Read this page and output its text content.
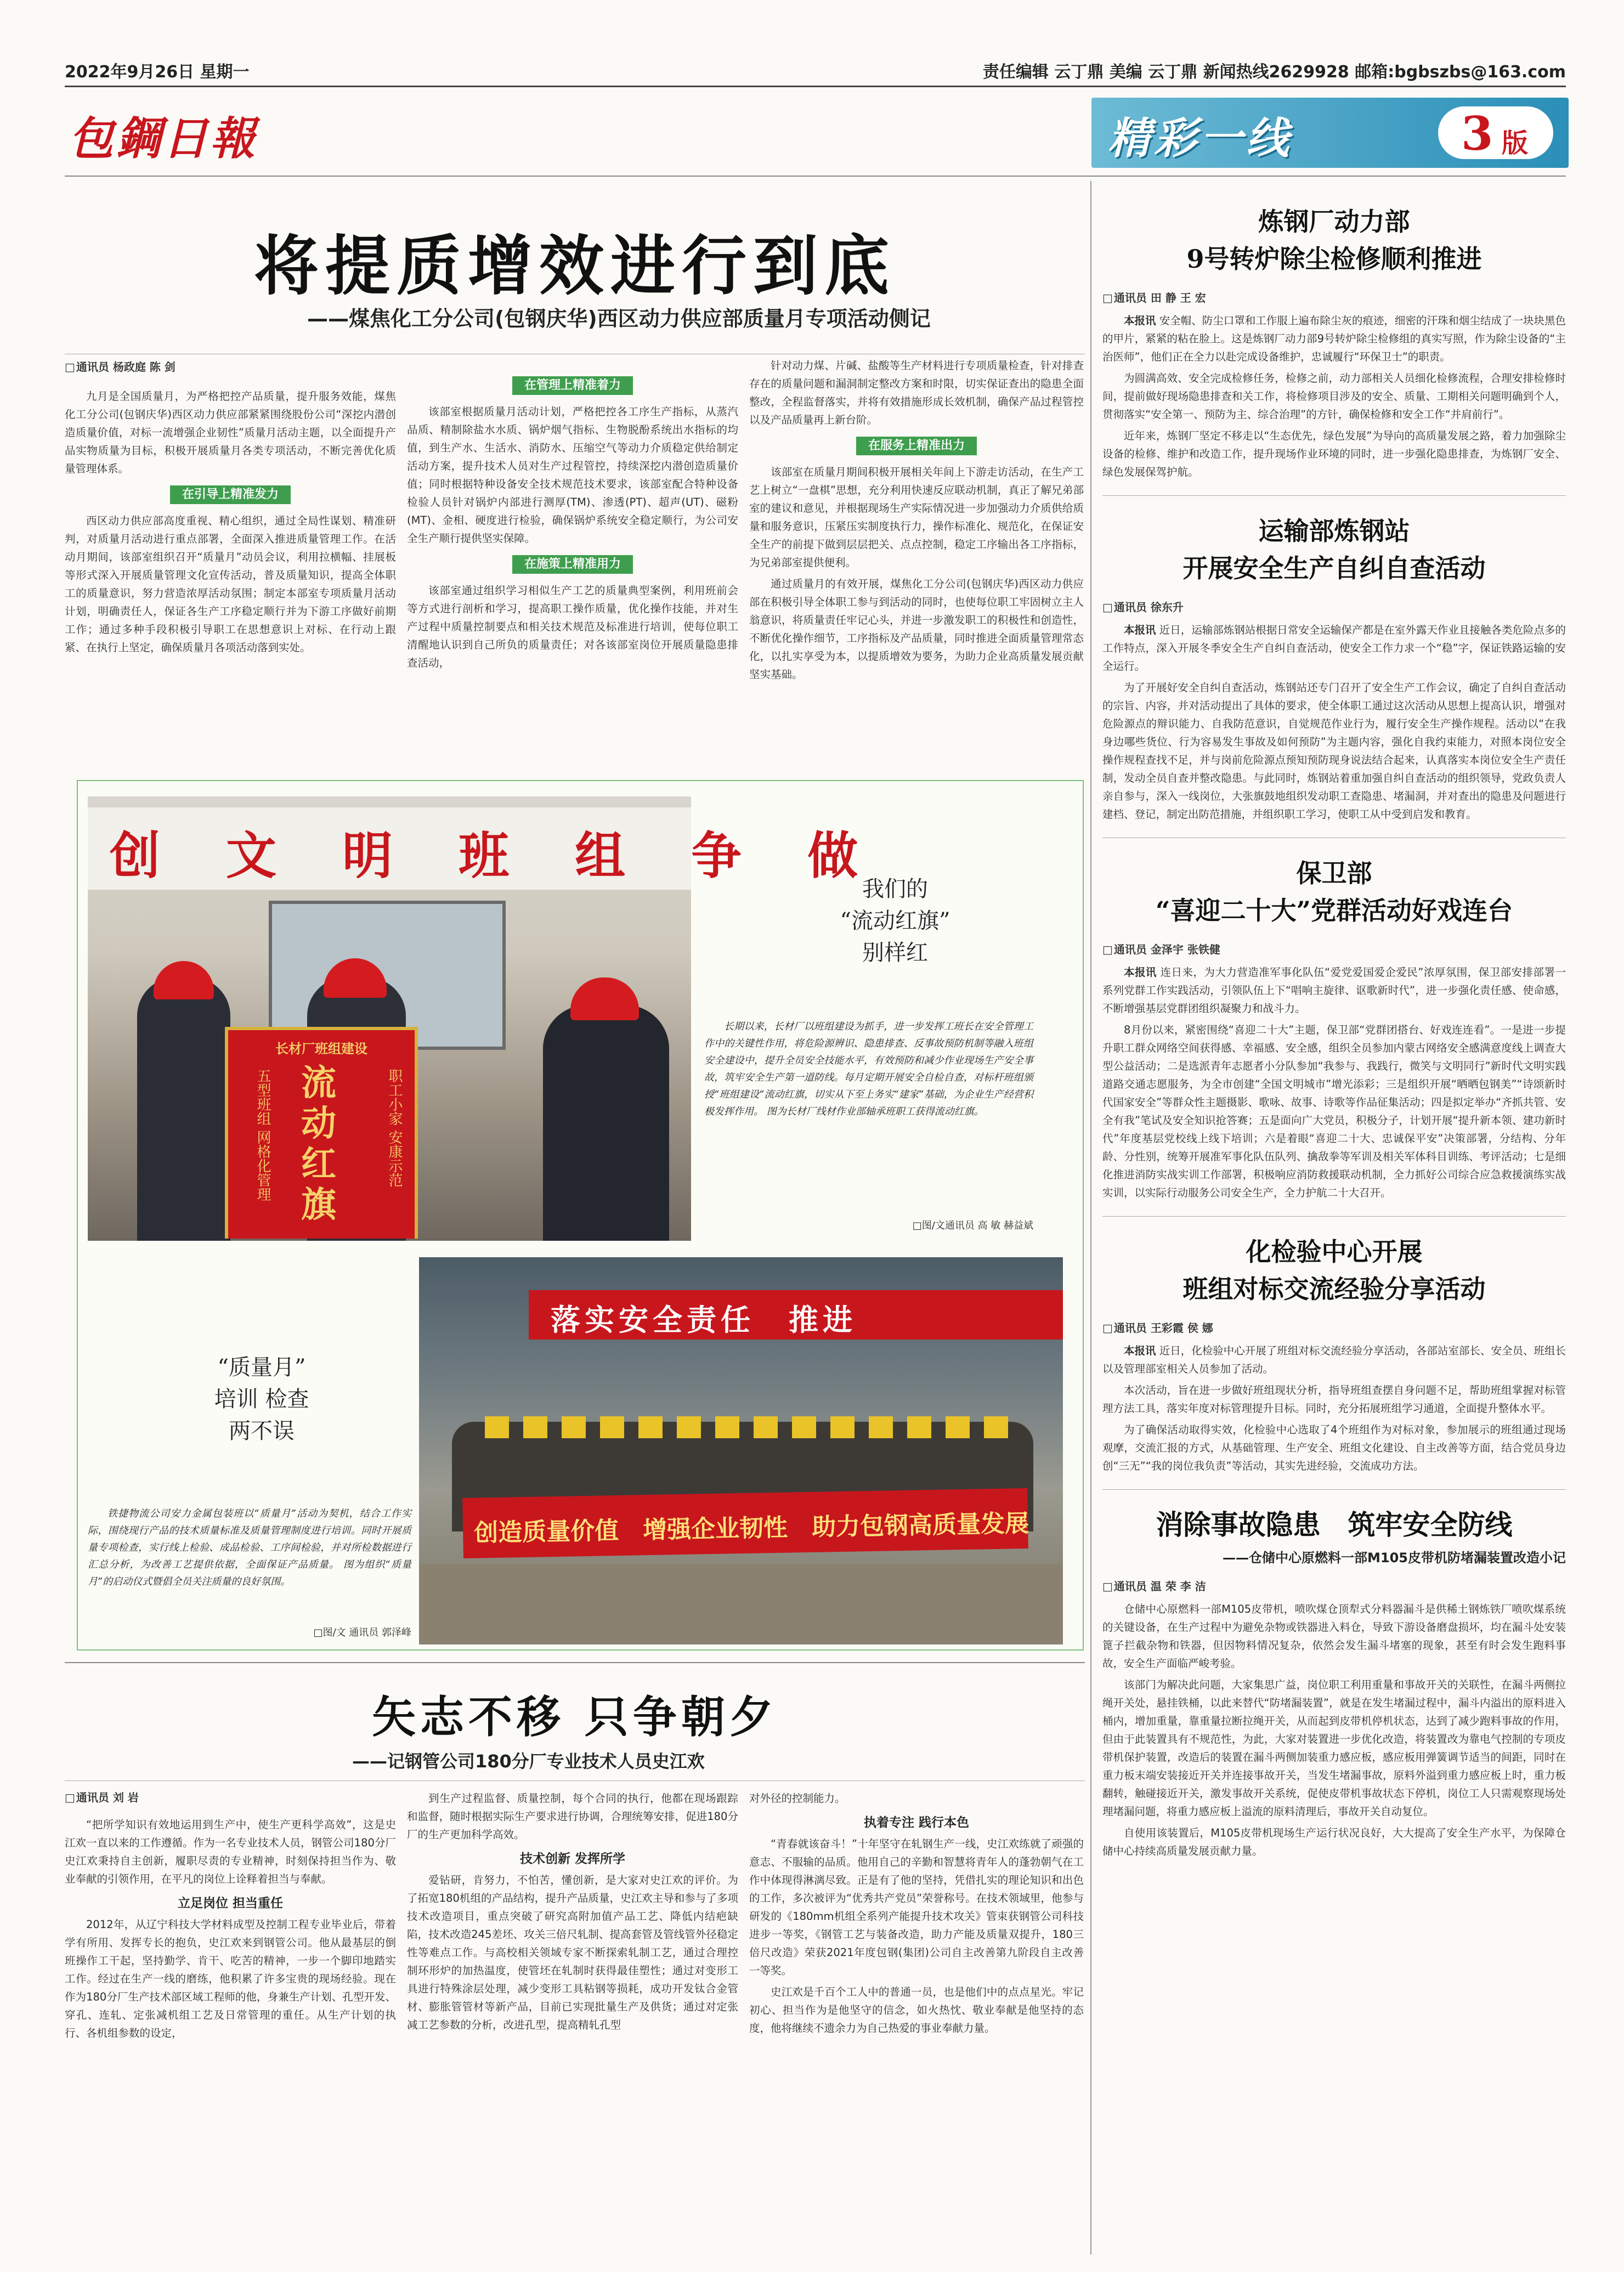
2022年9月26日 星期一	责任编辑 云丁鼎 美编 云丁鼎 新闻热线2629928 邮箱:bgbszbs@163.com
包鋼日報	精彩一线	3 版
将提质增效进行到底
——煤焦化工分公司(包钢庆华)西区动力供应部质量月专项活动侧记
□ 通讯员 杨政庭 陈 剑

九月是全国质量月，为严格把控产品质量，提升服务效能，煤焦化工分公司(包钢庆华)西区动力供应部紧紧围绕股份公司“深挖内潜创造质量价值，对标一流增强企业韧性”质量月活动主题，以全面提升产品实物质量为目标，积极开展质量月各类专项活动，不断完善优化质量管理体系。

在引导上精准发力

西区动力供应部高度重视、精心组织，通过全局性谋划、精准研判，对质量月活动进行重点部署，全面深入推进质量管理工作。在活动月期间，该部室组织召开“质量月”动员会议，利用拉横幅、挂展板等形式深入开展质量管理文化宣传活动，普及质量知识，提高全体职工的质量意识，努力营造浓厚活动氛围；制定本部室专项质量月活动计划，明确责任人，保证各生产工序稳定顺行并为下游工序做好前期工作；通过多种手段积极引导职工在思想意识上对标、在行动上跟紧、在执行上坚定，确保质量月各项活动落到实处。

在管理上精准着力

该部室根据质量月活动计划，严格把控各工序生产指标，从蒸汽品质、精制除盐水水质、锅炉烟气指标、生物脱酚系统出水指标的均值，到生产水、生活水、消防水、压缩空气等动力介质稳定供给制定活动方案，提升技术人员对生产过程管控，持续深挖内潜创造质量价值；同时根据特种设备安全技术规范技术要求，该部室配合特种设备检验人员针对锅炉内部进行测厚(TM)、渗透(PT)、超声(UT)、磁粉(MT)、金相、硬度进行检验，确保锅炉系统安全稳定顺行，为公司安全生产顺行提供坚实保障。

在施策上精准用力

该部室通过组织学习相似生产工艺的质量典型案例，利用班前会等方式进行剖析和学习，提高职工操作质量，优化操作技能，并对生产过程中质量控制要点和相关技术规范及标准进行培训，使每位职工清醒地认识到自己所负的质量责任；对各该部室岗位开展质量隐患排查活动，

针对动力煤、片碱、盐酸等生产材料进行专项质量检查，针对排查存在的质量问题和漏洞制定整改方案和时限，切实保证查出的隐患全面整改，全程监督落实，并将有效措施形成长效机制，确保产品过程管控以及产品质量再上新台阶。

在服务上精准出力

该部室在质量月期间积极开展相关年间上下游走访活动，在生产工艺上树立“一盘棋”思想，充分利用快速反应联动机制，真正了解兄弟部室的建议和意见，并根据现场生产实际情况进一步加强动力介质供给质量和服务意识，压紧压实制度执行力，操作标准化、规范化，在保证安全生产的前提下做到层层把关、点点控制，稳定工序输出各工序指标，为兄弟部室提供便利。

通过质量月的有效开展，煤焦化工分公司(包钢庆华)西区动力供应部在积极引导全体职工参与到活动的同时，也使每位职工牢固树立主人翁意识，将质量责任牢记心头，并进一步激发职工的积极性和创造性，不断优化操作细节，工序指标及产品质量，同时推进全面质量管理常态化，以扎实享受为本，以提质增效为要务，为助力企业高质量发展贡献坚实基础。

创 文 明 班 组 争 做
长材厂班组建设
流动红旗
五型班组 网格化管理	职工小家 安康示范
我们的
“流动红旗”
别样红
长期以来，长材厂以班组建设为抓手，进一步发挥工班长在安全管理工作中的关键性作用，将危险源辨识、隐患排查、反事故预防机制等融入班组安全建设中，提升全员安全技能水平，有效预防和减少作业现场生产安全事故，筑牢安全生产第一道防线。每月定期开展安全自检自查，对标杆班组颁授“班组建设”流动红旗，切实从下至上务实“建家”基础，为企业生产经营积极发挥作用。 图为长材厂线材作业部轴承班职工获得流动红旗。
□图/文通讯员 高 敏 赫益斌
落实安全责任　推进
创造质量价值　增强企业韧性　助力包钢高质量发展
“质量月”
培训 检查
两不误
铁捷物流公司安力金属包装班以“质量月”活动为契机，结合工作实际，围绕现行产品的技术质量标准及质量管理制度进行培训。同时开展质量专项检查，实行线上检验、成品检验、工序间检验，并对所检数据进行汇总分析，为改善工艺提供依据，全面保证产品质量。 图为组织“质量月”的启动仪式暨倡全员关注质量的良好氛围。
□图/文 通讯员 郭泽峰
矢志不移 只争朝夕
——记钢管公司180分厂专业技术人员史江欢
□ 通讯员 刘 岩

“把所学知识有效地运用到生产中，使生产更科学高效”，这是史江欢一直以来的工作遵循。作为一名专业技术人员，钢管公司180分厂史江欢秉持自主创新，履职尽责的专业精神，时刻保持担当作为、敬业奉献的引领作用，在平凡的岗位上诠释着担当与奉献。

立足岗位 担当重任

2012年，从辽宁科技大学材料成型及控制工程专业毕业后，带着学有所用、发挥专长的抱负，史江欢来到钢管公司。他从最基层的倒班操作工干起，坚持勤学、肯干、吃苦的精神，一步一个脚印地踏实工作。经过在生产一线的磨练，他积累了许多宝贵的现场经验。现在作为180分厂生产技术部区域工程师的他，身兼生产计划、孔型开发、穿孔、连轧、定张减机组工艺及日常管理的重任。从生产计划的执行、各机组参数的设定，

到生产过程监督、质量控制，每个合同的执行，他都在现场跟踪和监督，随时根据实际生产要求进行协调，合理统筹安排，促进180分厂的生产更加科学高效。

技术创新 发挥所学

爱钻研，肯努力，不怕苦，懂创新，是大家对史江欢的评价。为了拓宽180机组的产品结构，提升产品质量，史江欢主导和参与了多项技术改造项目，重点突破了研究高附加值产品工艺、降低内结疤缺陷，技术改造245差坯、攻关三倍尺轧制、提高套管及管线管外径稳定性等难点工作。与高校相关领域专家不断探索轧制工艺，通过合理控制环形炉的加热温度，使管坯在轧制时获得最佳塑性；通过对变形工具进行特殊涂层处理，减少变形工具粘钢等损耗，成功开发钛合金管材、膨胀管管材等新产品，目前已实现批量生产及供货；通过对定张减工艺参数的分析，改进孔型，提高精轧孔型

对外径的控制能力。

执着专注 践行本色

“青春就该奋斗！”十年坚守在轧钢生产一线，史江欢练就了顽强的意志、不服输的品质。他用自己的辛勤和智慧将青年人的蓬勃朝气在工作中体现得淋漓尽致。正是有了他的坚持，凭借扎实的理论知识和出色的工作，多次被评为“优秀共产党员”荣誉称号。在技术领域里，他参与研发的《180mm机组全系列产能提升技术攻关》管束获钢管公司科技进步一等奖，《钢管工艺与装备改造，助力产能及质量双提升，180三倍尺改造》荣获2021年度包钢(集团)公司自主改善第九阶段自主改善一等奖。

史江欢是千百个工人中的普通一员，也是他们中的点点星光。牢记初心、担当作为是他坚守的信念，如火热忱、敬业奉献是他坚持的态度，他将继续不遗余力为自己热爱的事业奉献力量。

炼钢厂动力部
9号转炉除尘检修顺利推进
□ 通讯员 田 静 王 宏

本报讯 安全帽、防尘口罩和工作服上遍布除尘灰的痕迹，细密的汗珠和烟尘结成了一块块黑色的甲片，紧紧的粘在脸上。这是炼钢厂动力部9号转炉除尘检修组的真实写照，作为除尘设备的“主治医师”，他们正在全力以赴完成设备维护，忠诚履行“环保卫士”的职责。

为圆满高效、安全完成检修任务，检修之前，动力部相关人员细化检修流程，合理安排检修时间，提前做好现场隐患排查和关工作，将检修项目涉及的安全、质量、工期相关问题明确到个人，贯彻落实“安全第一、预防为主、综合治理”的方针，确保检修和安全工作“并肩前行”。

近年来，炼钢厂坚定不移走以“生态优先，绿色发展”为导向的高质量发展之路，着力加强除尘设备的检修、维护和改造工作，提升现场作业环境的同时，进一步强化隐患排查，为炼钢厂安全、绿色发展保驾护航。

运输部炼钢站
开展安全生产自纠自查活动
□ 通讯员 徐东升

本报讯 近日，运输部炼钢站根据日常安全运输保产都是在室外露天作业且接触各类危险点多的工作特点，深入开展冬季安全生产自纠自查活动，使安全工作力求一个“稳”字，保证铁路运输的安全运行。

为了开展好安全自纠自查活动，炼钢站还专门召开了安全生产工作会议，确定了自纠自查活动的宗旨、内容，并对活动提出了具体的要求，使全体职工通过这次活动从思想上提高认识，增强对危险源点的辩识能力、自我防范意识，自觉规范作业行为，履行安全生产操作规程。活动以“在我身边哪些货位、行为容易发生事故及如何预防”为主题内容，强化自我约束能力，对照本岗位安全操作规程查找不足，并与岗前危险源点预知预防现身说法结合起来，认真落实本岗位安全生产责任制，发动全员自查并整改隐患。与此同时，炼钢站着重加强自纠自查活动的组织领导，党政负责人亲自参与，深入一线岗位，大张旗鼓地组织发动职工查隐患、堵漏洞，并对查出的隐患及问题进行建档、登记，制定出防范措施，并组织职工学习，使职工从中受到启发和教育。

保卫部
“喜迎二十大”党群活动好戏连台
□ 通讯员 金泽宇 张铁健

本报讯 连日来，为大力营造准军事化队伍“爱党爱国爱企爱民”浓厚氛围，保卫部安排部署一系列党群工作实践活动，引领队伍上下“唱响主旋律、讴歌新时代”，进一步强化责任感、使命感，不断增强基层党群团组织凝聚力和战斗力。

8月份以来，紧密围绕“喜迎二十大”主题，保卫部“党群团搭台、好戏连连看”。一是进一步提升职工群众网络空间获得感、幸福感、安全感，组织全员参加内蒙古网络安全感满意度线上调查大型公益活动；二是选派青年志愿者小分队参加“我参与、我践行，微笑与文明同行”新时代文明实践道路交通志愿服务，为全市创建“全国文明城市”增光添彩；三是组织开展“晒晒包钢美”“诗颂新时代国家安全”等群众性主题摄影、歌咏、故事、诗歌等作品征集活动；四是拟定举办“齐抓共管、安全有我”笔试及安全知识抢答赛；五是面向广大党员，积极分子，计划开展“提升新本领、建功新时代”年度基层党校线上线下培训；六是着眼“喜迎二十大、忠诚保平安”决策部署，分结构、分年龄、分性别，统筹开展准军事化队伍队列、擒敌拳等军训及相关军体科目训练、考评活动；七是细化推进消防实战实训工作部署，积极响应消防救援联动机制，全力抓好公司综合应急救援演练实战实训，以实际行动服务公司安全生产，全力护航二十大召开。

化检验中心开展
班组对标交流经验分享活动
□ 通讯员 王彩霞 侯 娜

本报讯 近日，化检验中心开展了班组对标交流经验分享活动，各部站室部长、安全员、班组长以及管理部室相关人员参加了活动。

本次活动，旨在进一步做好班组现状分析，指导班组查摆自身问题不足，帮助班组掌握对标管理方法工具，落实年度对标管理提升目标。同时，充分拓展班组学习通道，全面提升整体水平。

为了确保活动取得实效，化检验中心选取了4个班组作为对标对象，参加展示的班组通过现场观摩，交流汇报的方式，从基础管理、生产安全、班组文化建设、自主改善等方面，结合党员身边创“三无”“我的岗位我负责”等活动，其实先进经验，交流成功方法。

消除事故隐患　筑牢安全防线
——仓储中心原燃料一部M105皮带机防堵漏装置改造小记
□ 通讯员 温 荣 李 洁

仓储中心原燃料一部M105皮带机，喷吹煤仓顶犁式分料器漏斗是供稀土钢炼铁厂喷吹煤系统的关键设备，在生产过程中为避免杂物或铁器进入料仓，导致下游设备磨盘损坏，均在漏斗处安装篦子拦截杂物和铁器，但因物料情况复杂，依然会发生漏斗堵塞的现象，甚至有时会发生跑料事故，安全生产面临严峻考验。

该部门为解决此问题，大家集思广益，岗位职工利用重量和事故开关的关联性，在漏斗两侧拉绳开关处，悬挂铁桶，以此来替代“防堵漏装置”，就是在发生堵漏过程中，漏斗内溢出的原料进入桶内，增加重量，靠重量拉断拉绳开关，从而起到皮带机停机状态，达到了减少跑料事故的作用，但由于此装置具有不规范性，为此，大家对装置进一步优化改造，将装置改为靠电气控制的专项皮带机保护装置，改造后的装置在漏斗两侧加装重力感应板，感应板用弹簧调节适当的间距，同时在重力板末端安装接近开关并连接事故开关，当发生堵漏事故，原料外溢到重力感应板上时，重力板翻转，触碰接近开关，激发事故开关系统，促使皮带机事故状态下停机，岗位工人只需观察现场处理堵漏问题，将重力感应板上溢流的原料清理后，事故开关自动复位。

自使用该装置后，M105皮带机现场生产运行状况良好，大大提高了安全生产水平，为保障仓储中心持续高质量发展贡献力量。
